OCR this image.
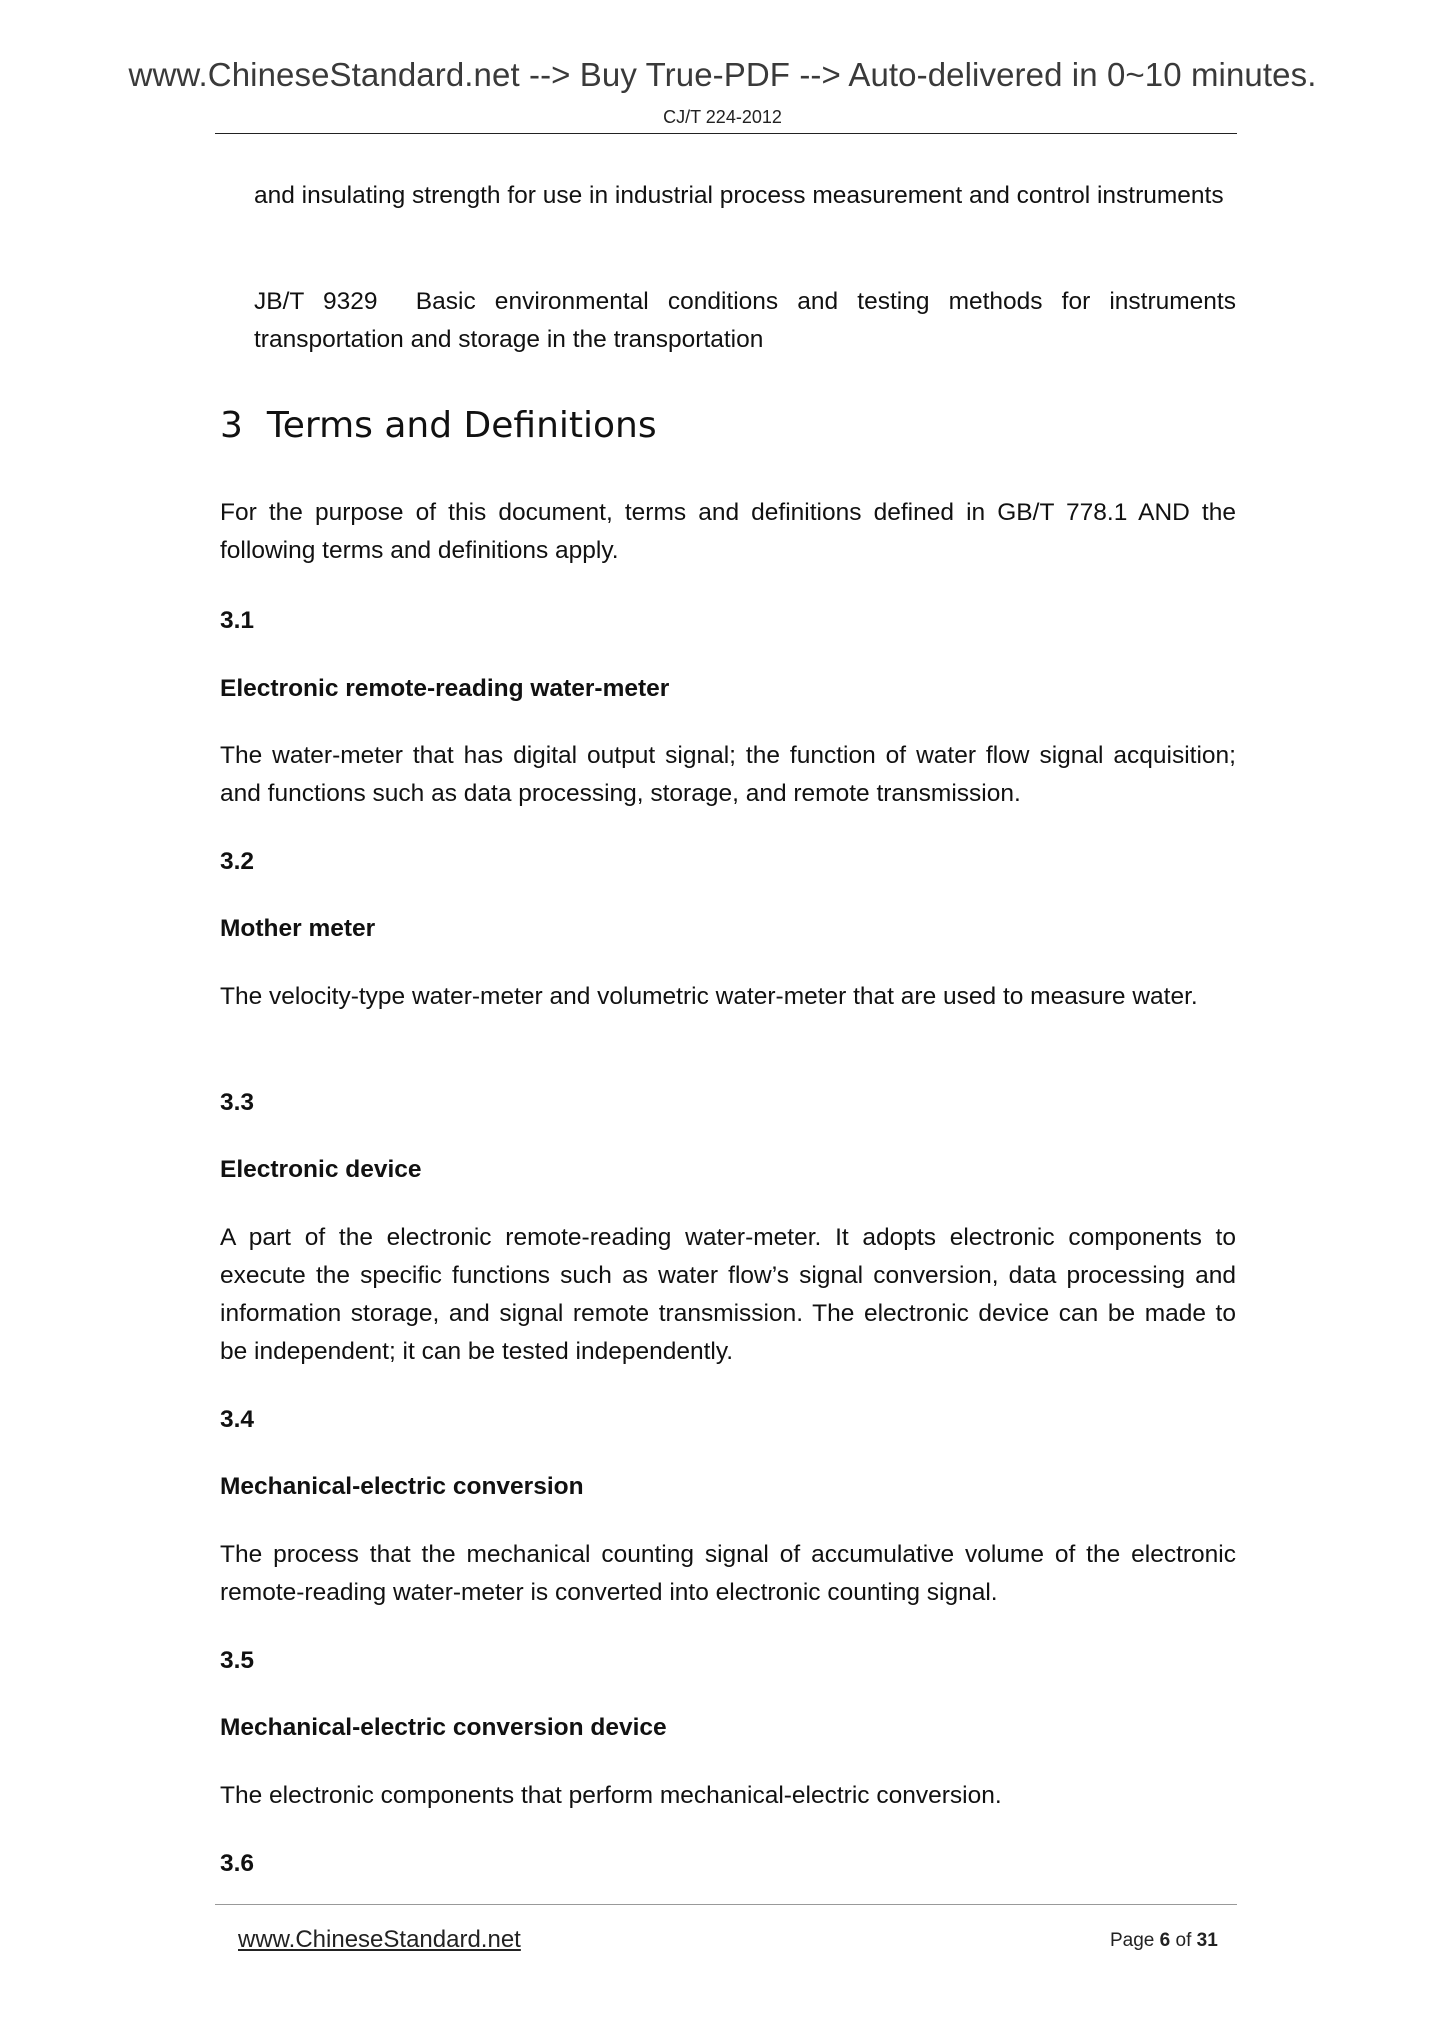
www.ChineseStandard.net --> Buy True-PDF --> Auto-delivered in 0~10 minutes.
CJ/T 224-2012
and insulating strength for use in industrial process measurement and control instruments
JB/T 9329  Basic environmental conditions and testing methods for instruments transportation and storage in the transportation
3 Terms and Definitions
For the purpose of this document, terms and definitions defined in GB/T 778.1 AND the following terms and definitions apply.
3.1
Electronic remote-reading water-meter
The water-meter that has digital output signal; the function of water flow signal acquisition; and functions such as data processing, storage, and remote transmission.
3.2
Mother meter
The velocity-type water-meter and volumetric water-meter that are used to measure water.
3.3
Electronic device
A part of the electronic remote-reading water-meter. It adopts electronic components to execute the specific functions such as water flow’s signal conversion, data processing and information storage, and signal remote transmission. The electronic device can be made to be independent; it can be tested independently.
3.4
Mechanical-electric conversion
The process that the mechanical counting signal of accumulative volume of the electronic remote-reading water-meter is converted into electronic counting signal.
3.5
Mechanical-electric conversion device
The electronic components that perform mechanical-electric conversion.
3.6
www.ChineseStandard.net	Page 6 of 31
